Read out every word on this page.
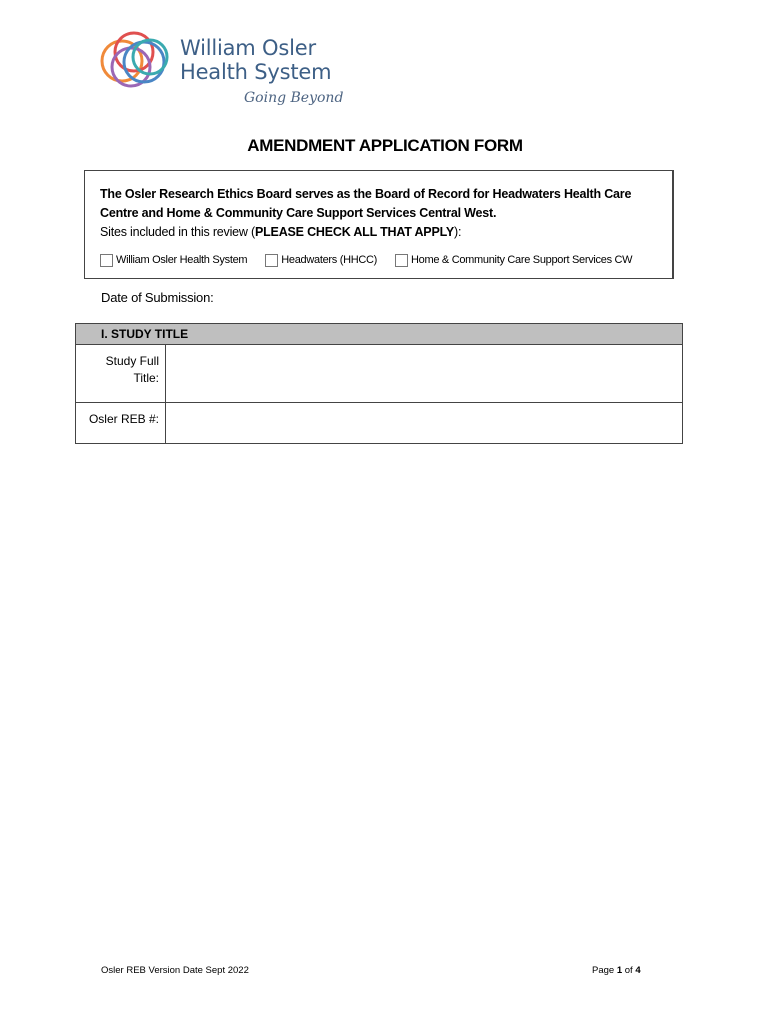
William Osler
Health System
Going Beyond
AMENDMENT APPLICATION FORM
The Osler Research Ethics Board serves as the Board of Record for Headwaters Health Care
Centre and Home & Community Care Support Services Central West.
Sites included in this review (PLEASE CHECK ALL THAT APPLY):
William Osler Health System	Headwaters (HHCC)	Home & Community Care Support Services CW
Date of Submission:
I. STUDY TITLE
Study Full
Title:
Osler REB #:
Osler REB Version Date Sept 2022	Page 1 of 4
